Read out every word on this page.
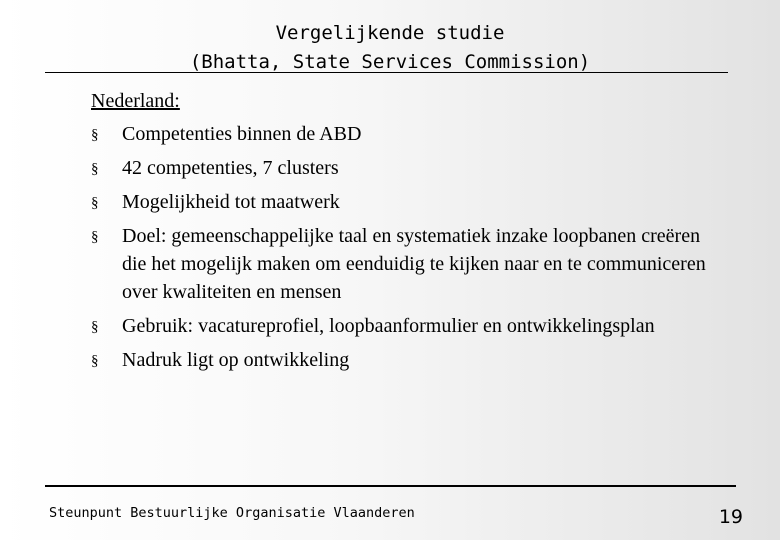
Vergelijkende studie
(Bhatta, State Services Commission)
Nederland:
§ Competenties binnen de ABD
§ 42 competenties, 7 clusters
§ Mogelijkheid tot maatwerk
§ Doel: gemeenschappelijke taal en systematiek inzake loopbanen creëren die het mogelijk maken om eenduidig te kijken naar en te communiceren over kwaliteiten en mensen
§ Gebruik: vacatureprofiel, loopbaanformulier en ontwikkelingsplan
§ Nadruk ligt op ontwikkeling
Steunpunt Bestuurlijke Organisatie Vlaanderen	19
